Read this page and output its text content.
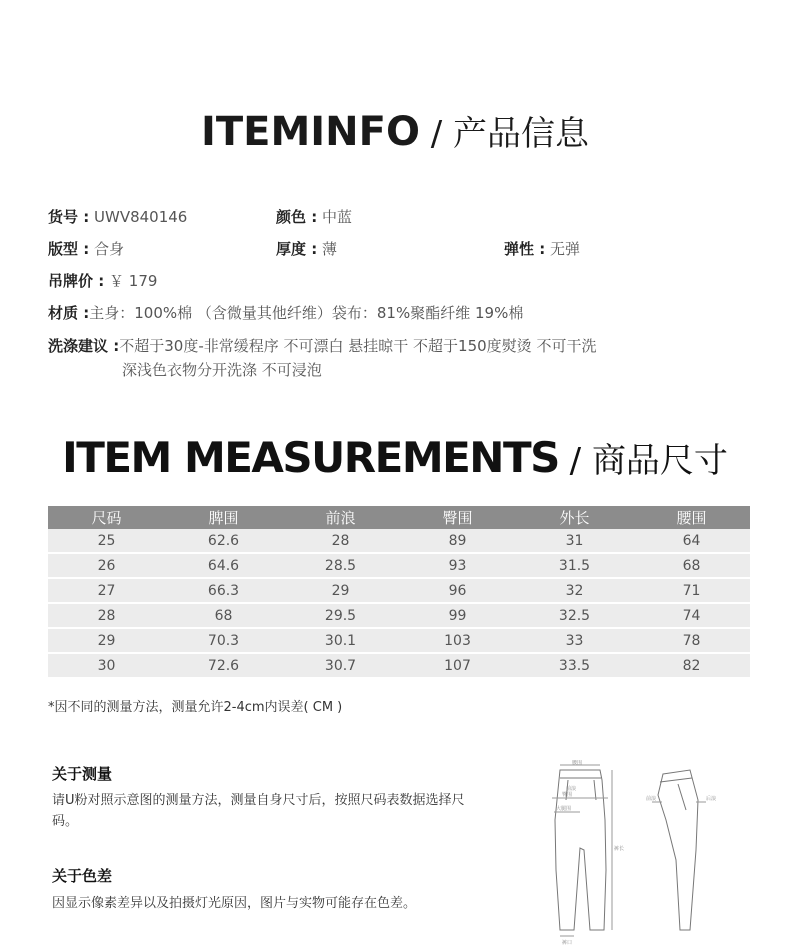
ITEMINFO / 产品信息
货号 : UWV840146	颜色 : 中蓝
版型 : 合身	厚度 : 薄	弹性 : 无弹
吊牌价 : ￥ 179
材质 :主身：100%棉 （含微量其他纤维）袋布：81%聚酯纤维 19%棉
洗涤建议 :不超于30度-非常缓程序 不可漂白 悬挂晾干 不超于150度熨烫 不可干洗
深浅色衣物分开洗涤 不可浸泡
ITEM MEASUREMENTS / 商品尺寸
尺码	脾围	前浪	臀围	外长	腰围
25	62.6	28	89	31	64
26	64.6	28.5	93	31.5	68
27	66.3	29	96	32	71
28	68	29.5	99	32.5	74
29	70.3	30.1	103	33	78
30	72.6	30.7	107	33.5	82
*因不同的测量方法，测量允许2-4cm内误差( CM )
关于测量
请U粉对照示意图的测量方法，测量自身尺寸后，按照尺码表数据选择尺码。
关于色差
因显示像素差异以及拍摄灯光原因，图片与实物可能存在色差。
腰围
臀围
大腿围
前浪
裤长
裤口
后浪
前浪
